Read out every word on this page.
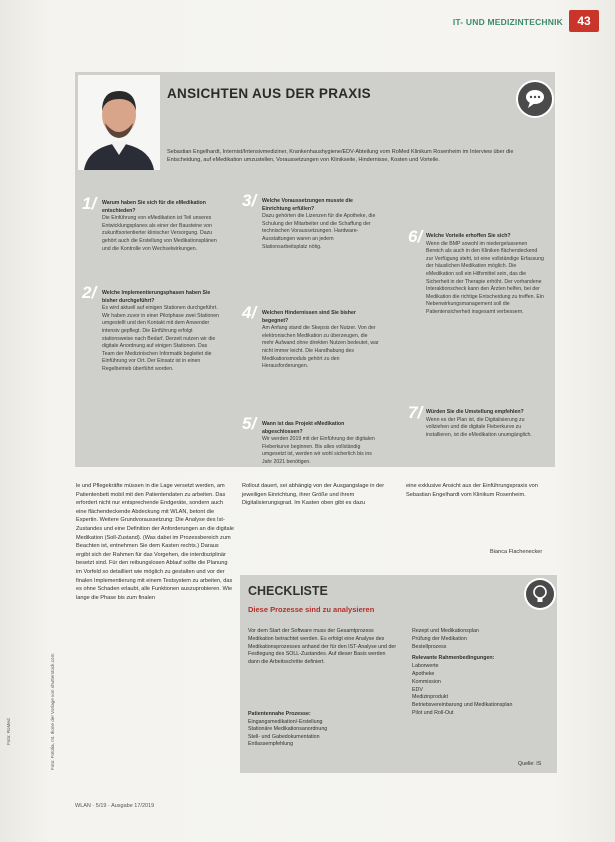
IT- UND MEDIZINTECHNIK	43
ANSICHTEN AUS DER PRAXIS
Sebastian Engelhardt, Internist/Intensivmediziner, Krankenhaushygiene/EDV-Abteilung vom RoMed Klinikum Rosenheim im Interview über die Entscheidung, auf eMedikation umzustellen, Voraussetzungen von Klinikseite, Hindernisse, Kosten und Vorteile.
1/ Warum haben Sie sich für die eMedikation entschieden?
Die Einführung von eMedikation ist Teil unseres Entwicklungsplanes als einer der Bausteine von zukunftsorientierter klinischer Versorgung. Dazu gehört auch die Erstellung von Medikationsplänen und die Kontrolle von Wechselwirkungen.
2/ Welche Implementierungsphasen haben Sie bisher durchgeführt?
Es wird aktuell auf einigen Stationen durchgeführt. Wir haben zuvor in einer Pilotphase zwei Stationen umgestellt und den Kontakt mit dem Anwender intensiv gepflegt. Die Einführung erfolgt stationsweise nach Bedarf. Derzeit nutzen wir die digitale Anordnung auf einigen Stationen. Das Team der Medizinischen Informatik begleitet die Einführung vor Ort. Der Einsatz ist in einen Regelbetrieb überführt worden.
3/ Welche Voraussetzungen musste die Einrichtung erfüllen?
Dazu gehörten die Lizenzen für die Apotheke, die Schulung der Mitarbeiter und die Schaffung der technischen Voraussetzungen. Hardware-Ausstattungen waren an jedem Stationsarbeitsplatz nötig.
4/ Welchen Hindernissen sind Sie bisher begegnet?
Am Anfang stand die Skepsis der Nutzer. Von der elektronischen Medikation zu überzeugen, die mehr Aufwand ohne direkten Nutzen bedeutet, war nicht immer leicht. Die Handhabung des Medikationsmoduls gehört zu den Herausforderungen.
5/ Wann ist das Projekt eMedikation abgeschlossen?
Wir werden 2019 mit der Einführung der digitalen Fieberkurve beginnen. Bis alles vollständig umgesetzt ist, werden wir wohl sicherlich bis ins Jahr 2021 benötigen.
6/ Welche Vorteile erhoffen Sie sich?
Wenn die BMP sowohl im niedergelassenen Bereich als auch in den Kliniken flächendeckend zur Verfügung steht, ist eine vollständige Erfassung der häuslichen Medikation möglich. Die eMedikation soll ein Hilfsmittel sein, das die Sicherheit in der Therapie erhöht. Der vorhandene Interaktionscheck kann den Ärzten helfen, bei der Medikation die richtige Entscheidung zu treffen. Ein Nebenwirkungsmanagement soll die Patientensicherheit insgesamt verbessern.
7/ Würden Sie die Umstellung empfehlen?
Wenn es der Plan ist, die Digitalisierung zu vollziehen und die digitale Fieberkurve zu installieren, ist die eMedikation unumgänglich.
le und Pflegekräfte müssen in die Lage versetzt werden, am Patientenbett mobil mit den Patientendaten zu arbeiten. Das erfordert nicht nur entsprechende Endgeräte, sondern auch eine flächendeckende Abdeckung mit WLAN, betont die Expertin. Weitere Grundvoraussetzung: Die Analyse des Ist-Zustandes und eine Definition der Anforderungen an die digitale Medikation (Soll-Zustand). (Was dabei im Prozessbereich zum Beachten ist, entnehmen Sie dem Kasten rechts.) Daraus ergibt sich der Rahmen für das Vorgehen, die interdisziplinär besetzt sind. Für den reibungslosen Ablauf sollte die Planung im Vorfeld so detailliert wie möglich zu gestalten und vor der finalen Implementierung mit einem Testsystem zu arbeiten, das es ohne Schaden erlaubt, alle Funktionen auszuprobieren. Wie lange die Phase bis zum finalen
Rollout dauert, sei abhängig von der Ausgangslage in der jeweiligen Einrichtung, ihrer Größe und ihrem Digitalisierungsgrad. Im Kasten oben gibt es dazu
eine exklusive Ansicht aus der Einführungspraxis von Sebastian Engelhardt vom Klinikum Rosenheim.
Bianca Flachenecker
CHECKLISTE
Diese Prozesse sind zu analysieren
Vor dem Start der Software muss der Gesamtprozess Medikation betrachtet werden. Es erfolgt eine Analyse des Medikationsprozesses anhand der für den IST-Analyse und der Festlegung des SOLL-Zustandes. Auf dieser Basis werden dann die Arbeitsschritte definiert.
Patientennahe Prozesse:
Eingangsmedikation/-Erstellung
Stationäre Medikationsanordnung
Stell- und Gabedokumentation
Entlassempfehlung
Rezept und Medikationsplan
Prüfung der Medikation
Bestellprozess
Relevante Rahmenbedingungen:
Laborwerte
Apotheke
Kommission
EDV
Medizinprodukt
Betriebsvereinbarung und Medikationsplan
Pilot und Roll-Out
Quelle: IS
Foto: RoMed	Foto: Fotolia, mt. Ikone der Vorlage von shutterstock.com
WLAN · 5/19 · Ausgabe 17/2019
